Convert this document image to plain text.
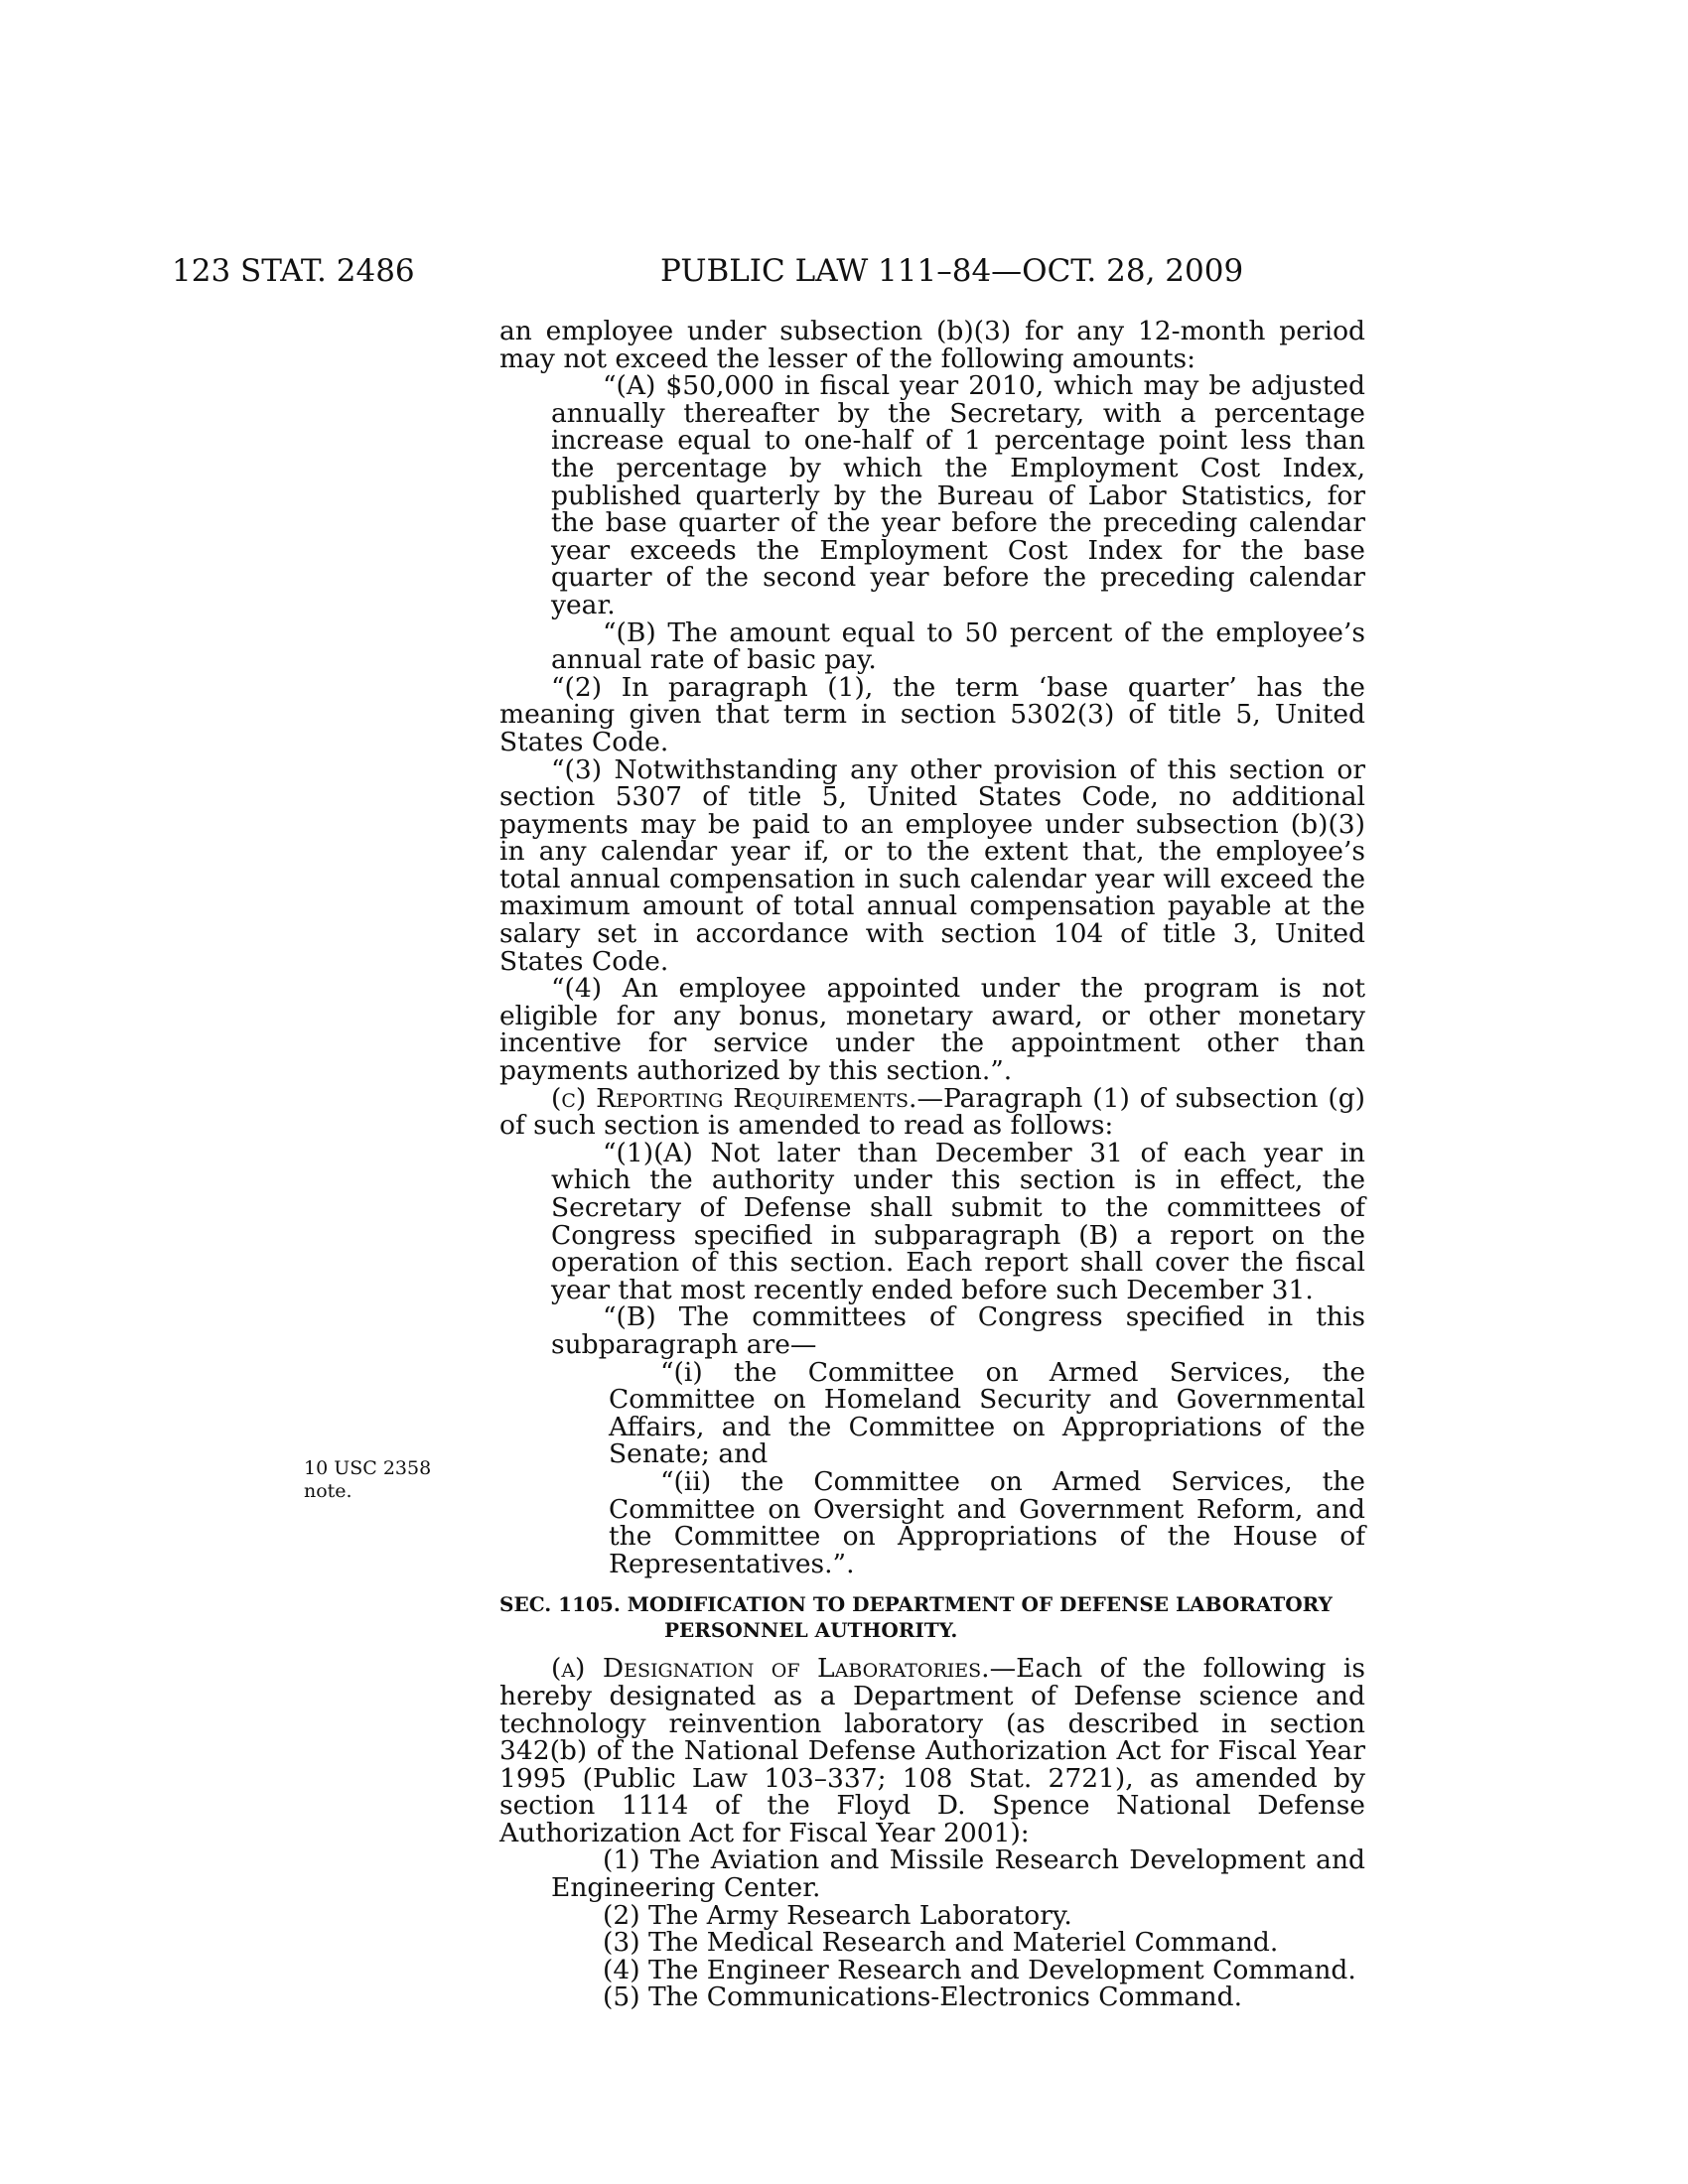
123 STAT. 2486	PUBLIC LAW 111–84—OCT. 28, 2009
10 USC 2358
note.

an employee under subsection (b)(3) for any 12-month period may not exceed the lesser of the following amounts:

“(A) $50,000 in fiscal year 2010, which may be adjusted annually thereafter by the Secretary, with a percentage increase equal to one-half of 1 percentage point less than the percentage by which the Employment Cost Index, published quarterly by the Bureau of Labor Statistics, for the base quarter of the year before the preceding calendar year exceeds the Employment Cost Index for the base quarter of the second year before the preceding calendar year.

“(B) The amount equal to 50 percent of the employee’s annual rate of basic pay.

“(2) In paragraph (1), the term ‘base quarter’ has the meaning given that term in section 5302(3) of title 5, United States Code.

“(3) Notwithstanding any other provision of this section or section 5307 of title 5, United States Code, no additional payments may be paid to an employee under subsection (b)(3) in any calendar year if, or to the extent that, the employee’s total annual compensation in such calendar year will exceed the maximum amount of total annual compensation payable at the salary set in accordance with section 104 of title 3, United States Code.

“(4) An employee appointed under the program is not eligible for any bonus, monetary award, or other monetary incentive for service under the appointment other than payments authorized by this section.”.

(c) Reporting Requirements.—Paragraph (1) of subsection (g) of such section is amended to read as follows:

“(1)(A) Not later than December 31 of each year in which the authority under this section is in effect, the Secretary of Defense shall submit to the committees of Congress specified in subparagraph (B) a report on the operation of this section. Each report shall cover the fiscal year that most recently ended before such December 31.

“(B) The committees of Congress specified in this subparagraph are—

“(i) the Committee on Armed Services, the Committee on Homeland Security and Governmental Affairs, and the Committee on Appropriations of the Senate; and

“(ii) the Committee on Armed Services, the Committee on Oversight and Government Reform, and the Committee on Appropriations of the House of Representatives.”.

SEC. 1105. MODIFICATION TO DEPARTMENT OF DEFENSE LABORATORY PERSONNEL AUTHORITY.

(a) Designation of Laboratories.—Each of the following is hereby designated as a Department of Defense science and technology reinvention laboratory (as described in section 342(b) of the National Defense Authorization Act for Fiscal Year 1995 (Public Law 103–337; 108 Stat. 2721), as amended by section 1114 of the Floyd D. Spence National Defense Authorization Act for Fiscal Year 2001):

(1) The Aviation and Missile Research Development and Engineering Center.

(2) The Army Research Laboratory.

(3) The Medical Research and Materiel Command.

(4) The Engineer Research and Development Command.

(5) The Communications-Electronics Command.
